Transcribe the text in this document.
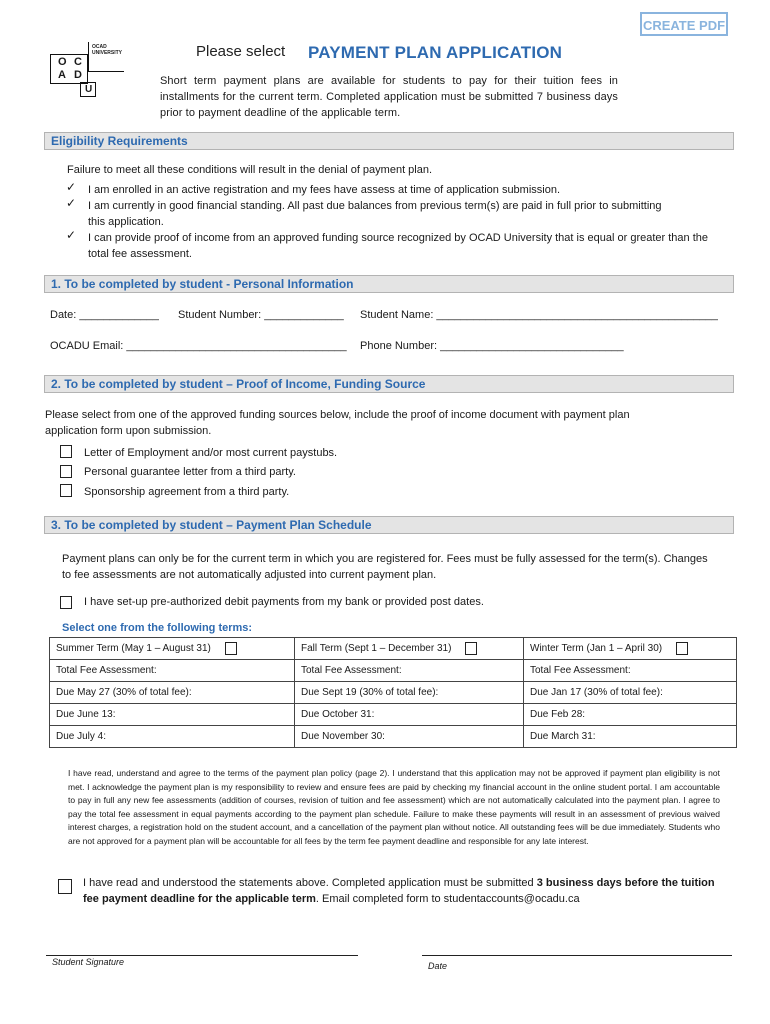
CREATE PDF
O C
A D
U
OCAD UNIVERSITY	Please select PAYMENT PLAN APPLICATION
Short term payment plans are available for students to pay for their tuition fees in installments for the current term. Completed application must be submitted 7 business days prior to payment deadline of the applicable term.
Eligibility Requirements
Failure to meet all these conditions will result in the denial of payment plan.
✓ I am enrolled in an active registration and my fees have assess at time of application submission.
✓ I am currently in good financial standing. All past due balances from previous term(s) are paid in full prior to submitting this application.
✓ I can provide proof of income from an approved funding source recognized by OCAD University that is equal or greater than the total fee assessment.
1. To be completed by student - Personal Information
Date: _____________ Student Number: _____________ Student Name: ______________________________________________
OCADU Email: ____________________________________ Phone Number: ______________________________
2. To be completed by student – Proof of Income, Funding Source
Please select from one of the approved funding sources below, include the proof of income document with payment plan application form upon submission.
Letter of Employment and/or most current paystubs.
Personal guarantee letter from a third party.
Sponsorship agreement from a third party.
3. To be completed by student – Payment Plan Schedule
Payment plans can only be for the current term in which you are registered for. Fees must be fully assessed for the term(s). Changes to fee assessments are not automatically adjusted into current payment plan.
I have set-up pre-authorized debit payments from my bank or provided post dates.
Select one from the following terms:
Summer Term (May 1 – August 31)	Fall Term (Sept 1 – December 31)	Winter Term (Jan 1 – April 30)
Total Fee Assessment:	Total Fee Assessment:	Total Fee Assessment:
Due May 27 (30% of total fee):	Due Sept 19 (30% of total fee):	Due Jan 17 (30% of total fee):
Due June 13:	Due October 31:	Due Feb 28:
Due July 4:	Due November 30:	Due March 31:
I have read, understand and agree to the terms of the payment plan policy (page 2). I understand that this application may not be approved if payment plan eligibility is not met. I acknowledge the payment plan is my responsibility to review and ensure fees are paid by checking my financial account in the online student portal. I am accountable to pay in full any new fee assessments (addition of courses, revision of tuition and fee assessment) which are not automatically calculated into the payment plan. I agree to pay the total fee assessment in equal payments according to the payment plan schedule. Failure to make these payments will result in an assessment of previous waived interest charges, a registration hold on the student account, and a cancellation of the payment plan without notice. All outstanding fees will be due immediately. Students who are not approved for a payment plan will be accountable for all fees by the term fee payment deadline and responsible for any late interest.
I have read and understood the statements above. Completed application must be submitted 3 business days before the tuition fee payment deadline for the applicable term. Email completed form to studentaccounts@ocadu.ca
Student Signature	Date
